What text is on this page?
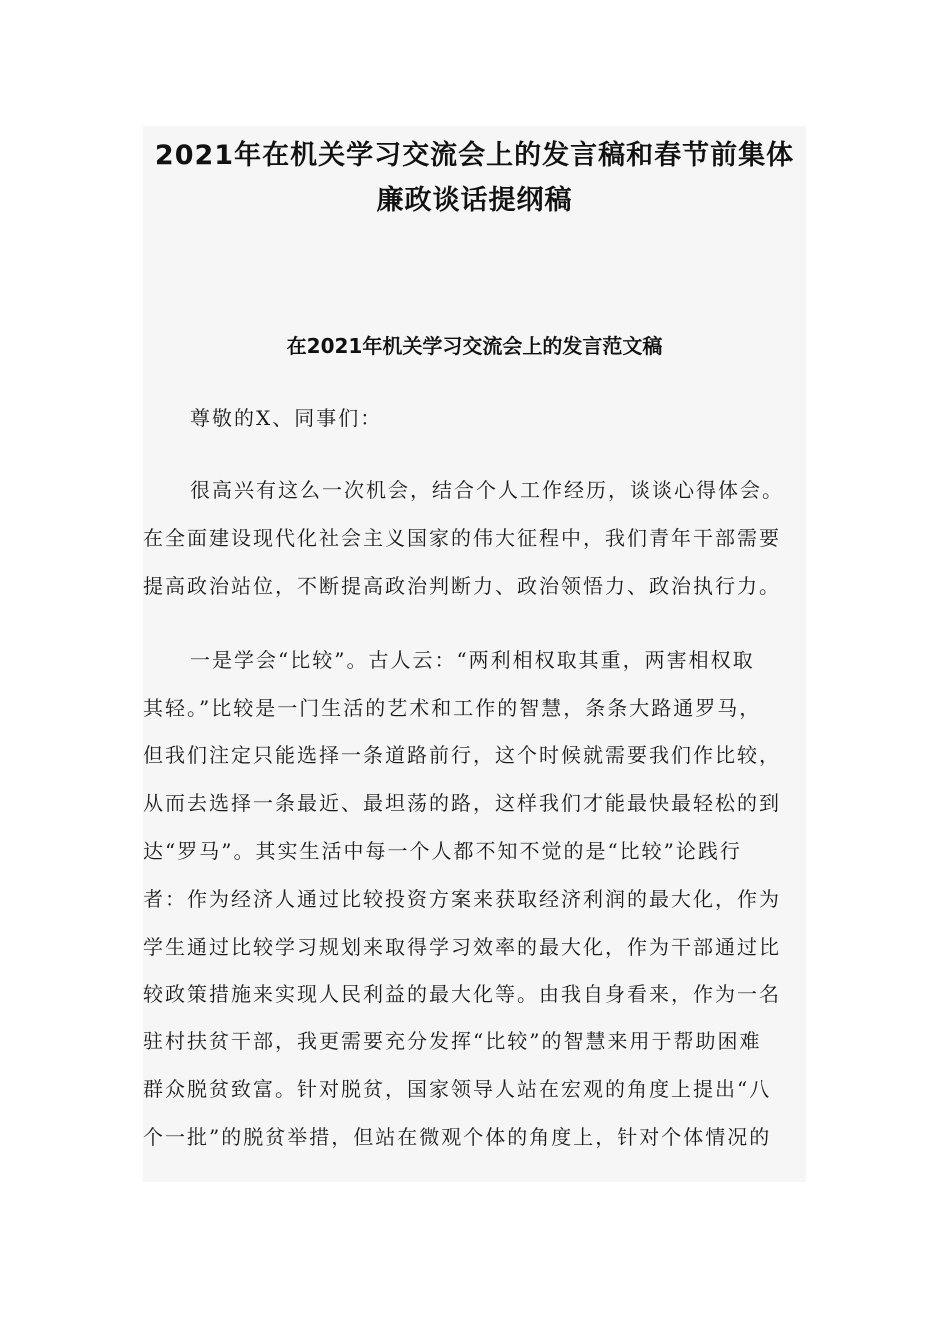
2021年在机关学习交流会上的发言稿和春节前集体
廉政谈话提纲稿
在2021年机关学习交流会上的发言范文稿
尊敬的X、同事们：
很高兴有这么一次机会，结合个人工作经历，谈谈心得体会。
在全面建设现代化社会主义国家的伟大征程中，我们青年干部需要
提高政治站位，不断提高政治判断力、政治领悟力、政治执行力。
一是学会“比较”。古人云：“两利相权取其重，两害相权取
其轻。”比较是一门生活的艺术和工作的智慧，条条大路通罗马，
但我们注定只能选择一条道路前行，这个时候就需要我们作比较，
从而去选择一条最近、最坦荡的路，这样我们才能最快最轻松的到
达“罗马”。其实生活中每一个人都不知不觉的是“比较”论践行
者：作为经济人通过比较投资方案来获取经济利润的最大化，作为
学生通过比较学习规划来取得学习效率的最大化，作为干部通过比
较政策措施来实现人民利益的最大化等。由我自身看来，作为一名
驻村扶贫干部，我更需要充分发挥“比较”的智慧来用于帮助困难
群众脱贫致富。针对脱贫，国家领导人站在宏观的角度上提出“八
个一批”的脱贫举措，但站在微观个体的角度上，针对个体情况的
